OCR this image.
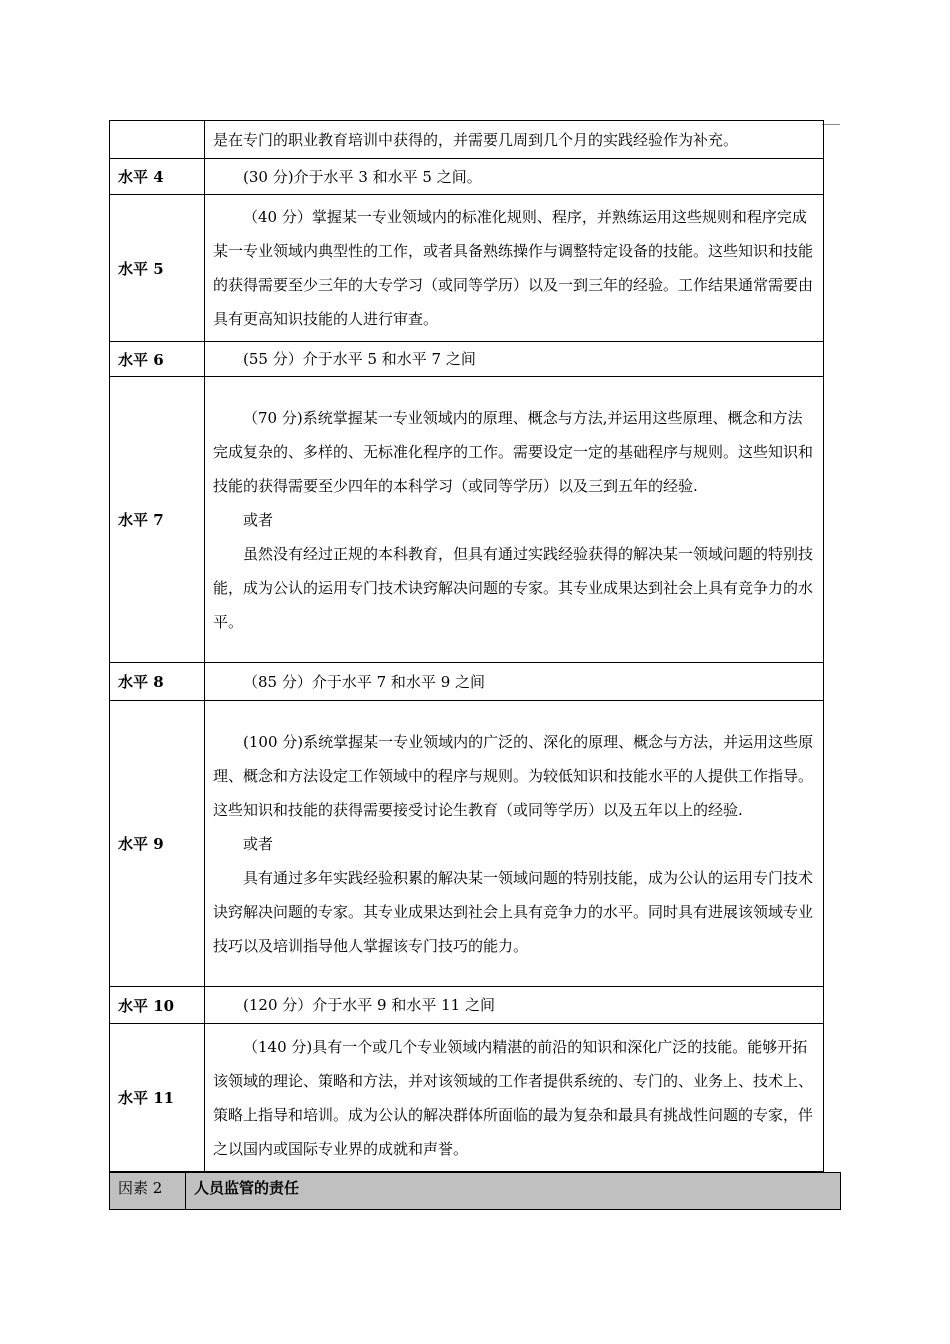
	是在专门的职业教育培训中获得的，并需要几周到几个月的实践经验作为补充。

水平 4	(30 分)介于水平 3 和水平 5 之间。

水平 5	（40 分）掌握某一专业领域内的标准化规则、程序，并熟练运用这些规则和程序完成某一专业领域内典型性的工作，或者具备熟练操作与调整特定设备的技能。这些知识和技能的获得需要至少三年的大专学习（或同等学历）以及一到三年的经验。工作结果通常需要由具有更高知识技能的人进行审查。

水平 6	(55 分）介于水平 5 和水平 7 之间

水平 7	（70 分)系统掌握某一专业领域内的原理、概念与方法,并运用这些原理、概念和方法完成复杂的、多样的、无标准化程序的工作。需要设定一定的基础程序与规则。这些知识和技能的获得需要至少四年的本科学习（或同等学历）以及三到五年的经验.

或者

虽然没有经过正规的本科教育，但具有通过实践经验获得的解决某一领域问题的特别技能，成为公认的运用专门技术诀窍解决问题的专家。其专业成果达到社会上具有竞争力的水平。

水平 8	（85 分）介于水平 7 和水平 9 之间

水平 9	(100 分)系统掌握某一专业领域内的广泛的、深化的原理、概念与方法，并运用这些原理、概念和方法设定工作领域中的程序与规则。为较低知识和技能水平的人提供工作指导。这些知识和技能的获得需要接受讨论生教育（或同等学历）以及五年以上的经验.

或者

具有通过多年实践经验积累的解决某一领域问题的特别技能，成为公认的运用专门技术诀窍解决问题的专家。其专业成果达到社会上具有竞争力的水平。同时具有进展该领域专业技巧以及培训指导他人掌握该专门技巧的能力。

水平 10	(120 分）介于水平 9 和水平 11 之间

水平 11	（140 分)具有一个或几个专业领域内精湛的前沿的知识和深化广泛的技能。能够开拓该领域的理论、策略和方法，并对该领域的工作者提供系统的、专门的、业务上、技术上、策略上指导和培训。成为公认的解决群体所面临的最为复杂和最具有挑战性问题的专家，伴之以国内或国际专业界的成就和声誉。

因素 2	人员监管的责任
